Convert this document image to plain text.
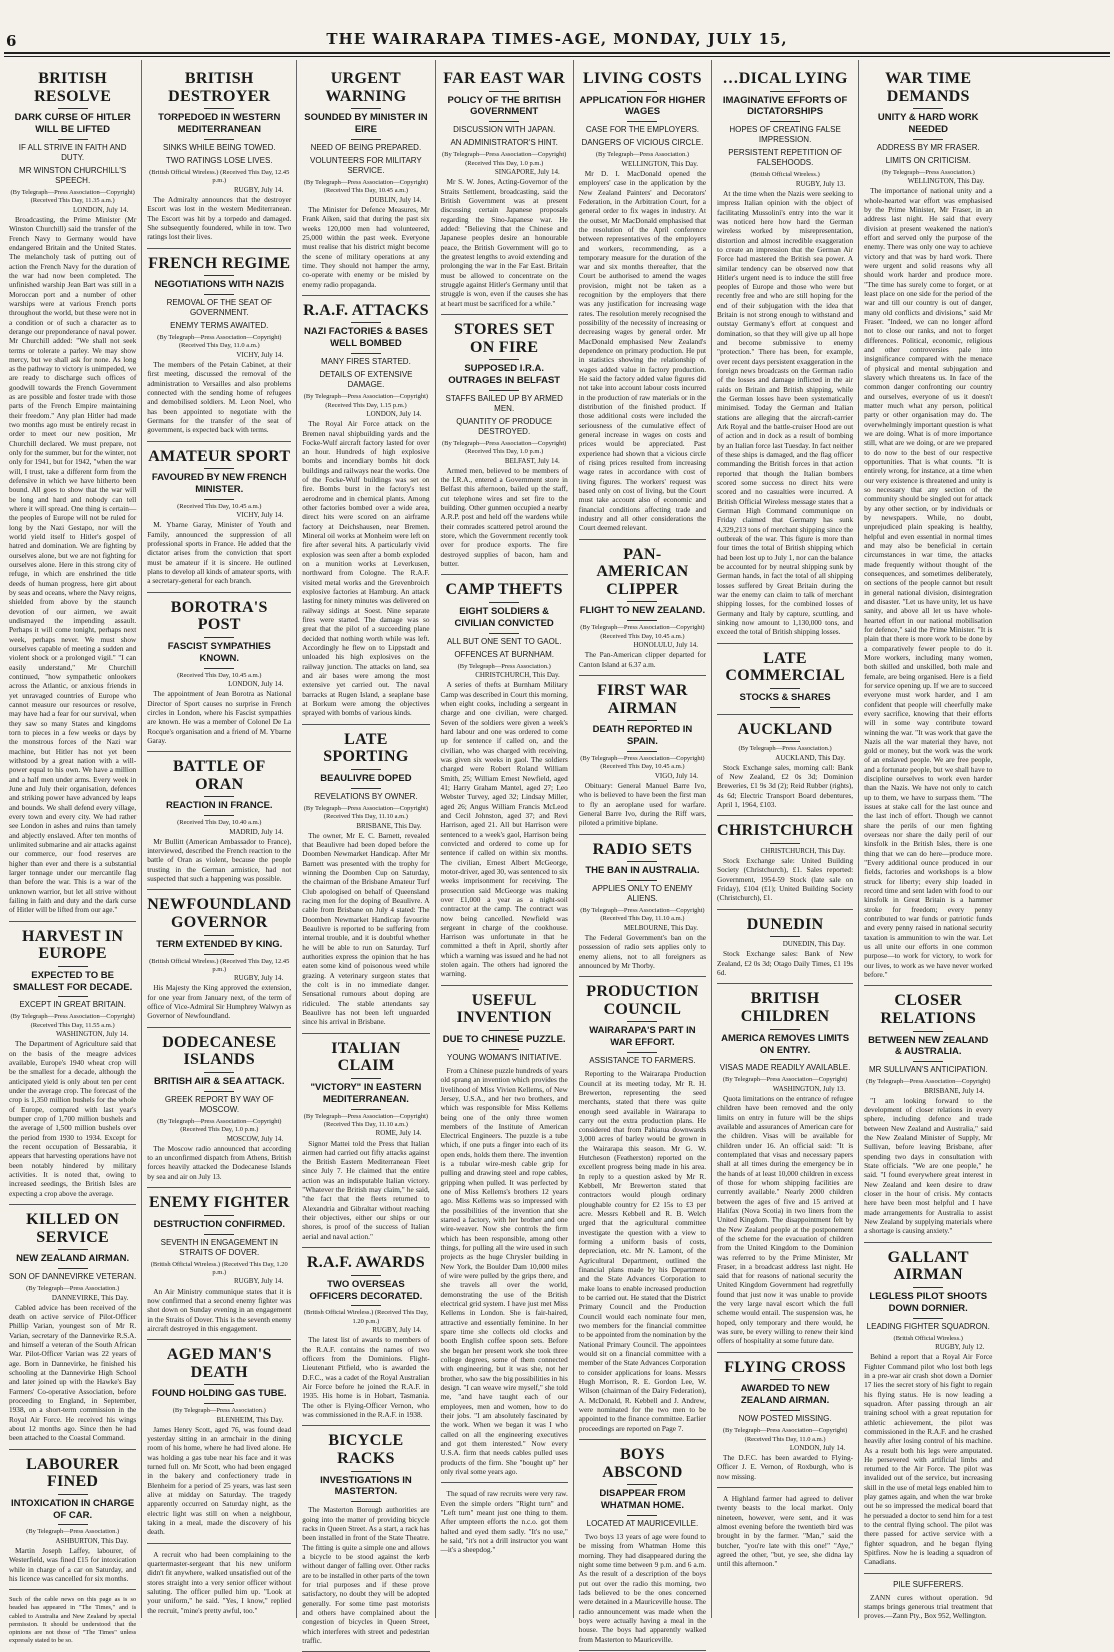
6	THE WAIRARAPA TIMES-AGE, MONDAY, JULY 15,
BRITISH RESOLVE
DARK CURSE OF HITLER WILL BE LIFTED
IF ALL STRIVE IN FAITH AND DUTY.
MR WINSTON CHURCHILL'S SPEECH.
(By Telegraph—Press Association—Copyright) (Received This Day, 11.35 a.m.)
LONDON, July 14.

Broadcasting, the Prime Minister (Mr Winston Churchill) said the transfer of the French Navy to Germany would have endangered Britain and the United States. The melancholy task of putting out of action the French Navy for the duration of the war had now been completed. The unfinished warship Jean Bart was still in a Moroccan port and a number of other warships were at various French ports throughout the world, but these were not in a condition or of such a character as to derange our preponderance of naval power. Mr Churchill added: "We shall not seek terms or tolerate a parley. We may show mercy, but we shall ask for none. As long as the pathway to victory is unimpeded, we are ready to discharge such offices of goodwill towards the French Government as are possible and foster trade with those parts of the French Empire maintaining their freedom." Any plan Hitler had made two months ago must be entirely recast in order to meet our new position, Mr Churchill declared. We must prepare, not only for the summer, but for the winter, not only for 1941, but for 1942, "when the war will, I trust, take a different form from the defensive in which we have hitherto been bound. All goes to show that the war will be long and hard and nobody can tell where it will spread. One thing is certain—the peoples of Europe will not be ruled for long by the Nazi Gestapo, nor will the world yield itself to Hitler's gospel of hatred and domination. We are fighting by ourselves alone, but we are not fighting for ourselves alone. Here in this strong city of refuge, in which are enshrined the title deeds of human progress, here girt about by seas and oceans, where the Navy reigns, shielded from above by the staunch devotion of our airmen, we await undismayed the impending assault. Perhaps it will come tonight, perhaps next week, perhaps never. We must show ourselves capable of meeting a sudden and violent shock or a prolonged vigil." "I can easily understand," Mr Churchill continued, "how sympathetic onlookers across the Atlantic, or anxious friends in yet unravaged countries of Europe who cannot measure our resources or resolve, may have had a fear for our survival, when they saw so many States and kingdoms torn to pieces in a few weeks or days by the monstrous forces of the Nazi war machine, but Hitler has not yet been withstood by a great nation with a will-power equal to his own. We have a million and a half men under arms. Every week in June and July their organisation, defences and striking power have advanced by leaps and bounds. We shall defend every village, every town and every city. We had rather see London in ashes and ruins than tamely and abjectly enslaved. After ten months of unlimited submarine and air attacks against our commerce, our food reserves are higher than ever and there is a substantial larger tonnage under our mercantile flag than before the war. This is a war of the unknown warrior, but let all strive without failing in faith and duty and the dark curse of Hitler will be lifted from our age."

HARVEST IN EUROPE
EXPECTED TO BE SMALLEST FOR DECADE.
EXCEPT IN GREAT BRITAIN.
(By Telegraph—Press Association—Copyright) (Received This Day, 11.55 a.m.)
WASHINGTON, July 14.

The Department of Agriculture said that on the basis of the meagre advices available, Europe's 1940 wheat crop will be the smallest for a decade, although the anticipated yield is only about ten per cent under the average crop. The forecast of the crop is 1,350 million bushels for the whole of Europe, compared with last year's bumper crop of 1,700 million bushels and the average of 1,500 million bushels over the period from 1930 to 1934. Except for the recent occupation of Bessarabia, it appears that harvesting operations have not been notably hindered by military activities. It is noted that, owing to increased seedings, the British Isles are expecting a crop above the average.

KILLED ON SERVICE
NEW ZEALAND AIRMAN.
SON OF DANNEVIRKE VETERAN.
(By Telegraph—Press Association.)
DANNEVIRKE, This Day.

Cabled advice has been received of the death on active service of Pilot-Officer Phillip Varian, youngest son of Mr R. Varian, secretary of the Dannevirke R.S.A. and himself a veteran of the South African War. Pilot-Officer Varian was 22 years of age. Born in Dannevirke, he finished his schooling at the Dannevirke High School and later joined up with the Hawke's Bay Farmers' Co-operative Association, before proceeding to England, in September, 1938, on a short-term commission in the Royal Air Force. He received his wings about 12 months ago. Since then he had been attached to the Coastal Command.

LABOURER FINED
INTOXICATION IN CHARGE OF CAR.
(By Telegraph—Press Association.)
ASHBURTON, This Day.

Martin Joseph Laffey, labourer, of Westerfield, was fined £15 for intoxication while in charge of a car on Saturday, and his licence was cancelled for six months.

Such of the cable news on this page as is so headed has appeared in "The Times," and is cabled to Australia and New Zealand by special permission. It should be understood that the opinions are not those of "The Times" unless expressly stated to be so.

BRITISH DESTROYER
TORPEDOED IN WESTERN MEDITERRANEAN
SINKS WHILE BEING TOWED.
TWO RATINGS LOSE LIVES.
(British Official Wireless.) (Received This Day, 12.45 p.m.)
RUGBY, July 14.

The Admiralty announces that the destroyer Escort was lost in the western Mediterranean. The Escort was hit by a torpedo and damaged. She subsequently foundered, while in tow. Two ratings lost their lives.

FRENCH REGIME
NEGOTIATIONS WITH NAZIS
REMOVAL OF THE SEAT OF GOVERNMENT.
ENEMY TERMS AWAITED.
(By Telegraph—Press Association—Copyright) (Received This Day, 11.0 a.m.)
VICHY, July 14.

The members of the Petain Cabinet, at their first meeting, discussed the removal of the administration to Versailles and also problems connected with the sending home of refugees and demobilised soldiers. M. Leon Noel, who has been appointed to negotiate with the Germans for the transfer of the seat of government, is expected back with terms.

AMATEUR SPORT
FAVOURED BY NEW FRENCH MINISTER.
(Received This Day, 10.45 a.m.)
VICHY, July 14.

M. Ybarne Garay, Minister of Youth and Family, announced the suppression of all professional sports in France. He added that the dictator arises from the conviction that sport must be amateur if it is sincere. He outlined plans to develop all kinds of amateur sports, with a secretary-general for each branch.

BOROTRA'S POST
FASCIST SYMPATHIES KNOWN.
(Received This Day, 10.45 a.m.)
LONDON, July 14.

The appointment of Jean Borotra as National Director of Sport causes no surprise in French circles in London, where his Fascist sympathies are known. He was a member of Colonel De La Rocque's organisation and a friend of M. Ybarne Garay.

BATTLE OF ORAN
REACTION IN FRANCE.
(Received This Day, 10.40 a.m.)
MADRID, July 14.

Mr Bullitt (American Ambassador to France), interviewed, described the French reaction to the battle of Oran as violent, because the people trusting in the German armistice, had not suspected that such a happening was possible.

NEWFOUNDLAND GOVERNOR
TERM EXTENDED BY KING.
(British Official Wireless.) (Received This Day, 12.45 p.m.)
RUGBY, July 14.

His Majesty the King approved the extension, for one year from January next, of the term of office of Vice-Admiral Sir Humphrey Walwyn as Governor of Newfoundland.

DODECANESE ISLANDS
BRITISH AIR & SEA ATTACK.
GREEK REPORT BY WAY OF MOSCOW.
(By Telegraph—Press Association—Copyright) (Received This Day, 1.0 p.m.)
MOSCOW, July 14.

The Moscow radio announced that according to an unconfirmed dispatch from Athens, British forces heavily attacked the Dodecanese Islands by sea and air on July 13.

ENEMY FIGHTER
DESTRUCTION CONFIRMED.
SEVENTH IN ENGAGEMENT IN STRAITS OF DOVER.
(British Official Wireless.) (Received This Day, 1.20 p.m.)
RUGBY, July 14.

An Air Ministry communique states that it is now confirmed that a second enemy fighter was shot down on Sunday evening in an engagement in the Straits of Dover. This is the seventh enemy aircraft destroyed in this engagement.

AGED MAN'S DEATH
FOUND HOLDING GAS TUBE.
(By Telegraph—Press Association.)
BLENHEIM, This Day.

James Henry Scott, aged 76, was found dead yesterday sitting in an armchair in the dining room of his home, where he had lived alone. He was holding a gas tube near his face and it was turned full on. Mr Scott, who had been engaged in the bakery and confectionery trade in Blenheim for a period of 25 years, was last seen alive at midday on Saturday. The tragedy apparently occurred on Saturday night, as the electric light was still on when a neighbour, taking in a meal, made the discovery of his death.

A recruit who had been complaining to the quartermaster-sergeant that his new uniform didn't fit anywhere, walked unsatisfied out of the stores straight into a very senior officer without saluting. The officer pulled him up. "Look at your uniform," he said. "Yes, I know," replied the recruit, "mine's pretty awful, too."

URGENT WARNING
SOUNDED BY MINISTER IN EIRE
NEED OF BEING PREPARED.
VOLUNTEERS FOR MILITARY SERVICE.
(By Telegraph—Press Association—Copyright) (Received This Day, 10.45 a.m.)
DUBLIN, July 14.

The Minister for Defence Measures, Mr Frank Aiken, said that during the past six weeks 120,000 men had volunteered, 25,000 within the past week. Everyone must realise that his district might become the scene of military operations at any time. They should not hamper the army, co-operate with enemy or be misled by enemy radio propaganda.

R.A.F. ATTACKS
NAZI FACTORIES & BASES WELL BOMBED
MANY FIRES STARTED.
DETAILS OF EXTENSIVE DAMAGE.
(By Telegraph—Press Association—Copyright) (Received This Day, 1.15 p.m.)
LONDON, July 14.

The Royal Air Force attack on the Bremen naval shipbuilding yards and the Focke-Wulf aircraft factory lasted for over an hour. Hundreds of high explosive bombs and incendiary bombs hit dock buildings and railways near the works. One of the Focke-Wulf buildings was set on fire. Bombs burst in the factory's test aerodrome and in chemical plants. Among other factories bombed over a wide area, direct hits were scored on an airframe factory at Deichshausen, near Bremen. Mineral oil works at Monheim were left on fire after several hits. A particularly vivid explosion was seen after a bomb exploded on a munition works at Leverkusen, northward from Cologne. The R.A.F. visited metal works and the Grevenbroich explosive factories at Hamburg. An attack lasting for ninety minutes was delivered on railway sidings at Soest. Nine separate fires were started. The damage was so great that the pilot of a succeeding plane decided that nothing worth while was left. Accordingly he flew on to Lippstadt and unloaded his high explosives on the railway junction. The attacks on land, sea and air bases were among the most extensive yet carried out. The naval barracks at Rugen Island, a seaplane base at Borkum were among the objectives sprayed with bombs of various kinds.

LATE SPORTING
BEAULIVRE DOPED
REVELATIONS BY OWNER.
(By Telegraph—Press Association—Copyright) (Received This Day, 11.10 a.m.)
BRISBANE, This Day.

The owner, Mr E. C. Barnett, revealed that Beaulivre had been doped before the Doomben Newmarket Handicap. After Mr Barnett was presented with the trophy for winning the Doomben Cup on Saturday, the chairman of the Brisbane Amateur Turf Club apologised on behalf of Queensland racing men for the doping of Beaulivre. A cable from Brisbane on July 4 stated: The Doomben Newmarket Handicap favourite Beaulivre is reported to be suffering from internal trouble, and it is doubtful whether he will be able to run on Saturday. Turf authorities express the opinion that he has eaten some kind of poisonous weed while grazing. A veterinary surgeon states that the colt is in no immediate danger. Sensational rumours about doping are ridiculed. The stable attendants say Beaulivre has not been left unguarded since his arrival in Brisbane.

ITALIAN CLAIM
"VICTORY" IN EASTERN MEDITERRANEAN.
(By Telegraph—Press Association—Copyright) (Received This Day, 11.10 a.m.)
ROME, July 14.

Signor Mattei told the Press that Italian airmen had carried out fifty attacks against the British Eastern Mediterranean Fleet since July 7. He claimed that the entire action was an indisputable Italian victory. "Whatever the British may claim," he said, "the fact that the fleets returned to Alexandria and Gibraltar without reaching their objectives, either our ships or our shores, is proof of the success of Italian aerial and naval action."

R.A.F. AWARDS
TWO OVERSEAS OFFICERS DECORATED.
(British Official Wireless.) (Received This Day, 1.20 p.m.)
RUGBY, July 14.

The latest list of awards to members of the R.A.F. contains the names of two officers from the Dominions. Flight-Lieutenant Pitfield, who is awarded the D.F.C., was a cadet of the Royal Australian Air Force before he joined the R.A.F. in 1935. His home is in Hobart, Tasmania. The other is Flying-Officer Vernon, who was commissioned in the R.A.F. in 1938.

BICYCLE RACKS
INVESTIGATIONS IN MASTERTON.

The Masterton Borough authorities are going into the matter of providing bicycle racks in Queen Street. As a start, a rack has been installed in front of the State Theatre. The fitting is quite a simple one and allows a bicycle to be stood against the kerb without danger of falling over. Other racks are to be installed in other parts of the town for trial purposes and if these prove satisfactory, no doubt they will be adopted generally. For some time past motorists and others have complained about the congestion of bicycles in Queen Street, which interferes with street and pedestrian traffic.

FAR EAST WAR
POLICY OF THE BRITISH GOVERNMENT
DISCUSSION WITH JAPAN.
AN ADMINISTRATOR'S HINT.
(By Telegraph—Press Association—Copyright) (Received This Day, 1.0 p.m.)
SINGAPORE, July 14.

Mr S. W. Jones, Acting-Governor of the Straits Settlement, broadcasting, said the British Government was at present discussing certain Japanese proposals regarding the Sino-Japanese war. He added: "Believing that the Chinese and Japanese peoples desire an honourable peace, the British Government will go to the greatest lengths to avoid extending and prolonging the war in the Far East. Britain must be allowed to concentrate on the struggle against Hitler's Germany until that struggle is won, even if the causes she has at heart must be sacrificed for a while."

STORES SET ON FIRE
SUPPOSED I.R.A. OUTRAGES IN BELFAST
STAFFS BAILED UP BY ARMED MEN.
QUANTITY OF PRODUCE DESTROYED.
(By Telegraph—Press Association—Copyright) (Received This Day, 1.0 p.m.)
BELFAST, July 14.

Armed men, believed to be members of the I.R.A., entered a Government store in Belfast this afternoon, bailed up the staff, cut telephone wires and set fire to the building. Other gunmen occupied a nearby A.R.P. post and held off the wardens while their comrades scattered petrol around the store, which the Government recently took over for produce exports. The fire destroyed supplies of bacon, ham and butter.

CAMP THEFTS
EIGHT SOLDIERS & CIVILIAN CONVICTED
ALL BUT ONE SENT TO GAOL.
OFFENCES AT BURNHAM.
(By Telegraph—Press Association.)
CHRISTCHURCH, This Day.

A series of thefts at Burnham Military Camp was described in Court this morning, when eight cooks, including a sergeant in charge and one civilian, were charged. Seven of the soldiers were given a week's hard labour and one was ordered to come up for sentence if called on, and the civilian, who was charged with receiving, was given six weeks in gaol. The soldiers charged were Robert Roland William Smith, 25; William Ernest Newfield, aged 41; Harry Graham Mantel, aged 27; Leo Webster Turvey, aged 32; Lindsay Miller, aged 26; Angus William Francis McLeod and Cecil Johnston, aged 37; and Revi Harrison, aged 21. All but Harrison were sentenced to a week's gaol, Harrison being convicted and ordered to come up for sentence if called on within six months. The civilian, Ernest Albert McGeorge, motor-driver, aged 30, was sentenced to six weeks imprisonment for receiving. The prosecution said McGeorge was making over £1,000 a year as a night-soil contractor at the camp. The contract was now being cancelled. Newfield was sergeant in charge of the cookhouse. Harrison was unfortunate in that he committed a theft in April, shortly after which a warning was issued and he had not stolen again. The others had ignored the warning.

USEFUL INVENTION
DUE TO CHINESE PUZZLE.
YOUNG WOMAN'S INITIATIVE.

From a Chinese puzzle hundreds of years old sprang an invention which provides the livelihood of Miss Vivien Kellems, of New Jersey, U.S.A., and her two brothers, and which was responsible for Miss Kellems being one of the only three women members of the Institute of American Electrical Engineers. The puzzle is a tube which, if one puts a finger into each of its open ends, holds them there. The invention is a tubular wire-mesh cable grip for pulling and drawing steel and rope cables, gripping when pulled. It was perfected by one of Miss Kellems's brothers 12 years ago. Miss Kellems was so impressed with the possibilities of the invention that she started a factory, with her brother and one wire-weaver. Now she controls the firm which has been responsible, among other things, for pulling all the wire used in such projects as the huge Chrysler building in New York, the Boulder Dam 10,000 miles of wire were pulled by the grips there, and she travels all over the world, demonstrating the use of the British electrical grid system. I have just met Miss Kellems in London. She is fair-haired, attractive and essentially feminine. In her spare time she collects old clocks and booth English coffee spoon sets. Before she began her present work she took three college degrees, some of them connected with engineering, but it was she, not her brother, who saw the big possibilities in his design. "I can weave wire myself," she told me, "and have taught each of our employees, men and women, how to do their jobs. "I am absolutely fascinated by the work. When we began it was I who called on all the engineering executives and got them interested." Now every U.S.A. firm that needs cables pulled uses products of the firm. She "bought up" her only rival some years ago.

The squad of raw recruits were very raw. Even the simple orders "Right turn" and "Left turn" meant just one thing to them. After umpteen efforts the n.c.o. got them halted and eyed them sadly. "It's no use," he said, "it's not a drill instructor you want—it's a sheepdog."

LIVING COSTS
APPLICATION FOR HIGHER WAGES
CASE FOR THE EMPLOYERS.
DANGERS OF VICIOUS CIRCLE.
(By Telegraph—Press Association.)
WELLINGTON, This Day.

Mr D. I. MacDonald opened the employers' case in the application by the New Zealand Painters' and Decorators' Federation, in the Arbitration Court, for a general order to fix wages in industry. At the outset, Mr MacDonald emphasised that the resolution of the April conference between representatives of the employers and workers, recommending, as a temporary measure for the duration of the war and six months thereafter, that the Court be authorised to amend the wages provision, might not be taken as a recognition by the employers that there was any justification for increasing wage rates. The resolution merely recognised the possibility of the necessity of increasing or decreasing wages by general order. Mr MacDonald emphasised New Zealand's dependence on primary production. He put in statistics showing the relationship of wages added value in factory production. He said the factory added value figures did not take into account labour costs incurred in the production of raw materials or in the distribution of the finished product. If those additional costs were included the seriousness of the cumulative effect of general increase in wages on costs and prices would be appreciated. Past experience had shown that a vicious circle of rising prices resulted from increasing wage rates in accordance with cost of living figures. The workers' request was based only on cost of living, but the Court must take account also of economic and financial conditions affecting trade and industry and all other considerations the Court deemed relevant.

PAN-AMERICAN CLIPPER
FLIGHT TO NEW ZEALAND.
(By Telegraph—Press Association—Copyright) (Received This Day, 10.45 a.m.)
HONOLULU, July 14.

The Pan-American clipper departed for Canton Island at 6.37 a.m.

FIRST WAR AIRMAN
DEATH REPORTED IN SPAIN.
(By Telegraph—Press Association—Copyright) (Received This Day, 10.45 a.m.)
VIGO, July 14.

Obituary: General Manuel Barre Ivo, who is believed to have been the first man to fly an aeroplane used for warfare. General Barre Ivo, during the Riff wars, piloted a primitive biplane.

RADIO SETS
THE BAN IN AUSTRALIA.
APPLIES ONLY TO ENEMY ALIENS.
(By Telegraph—Press Association—Copyright) (Received This Day, 11.10 a.m.)
MELBOURNE, This Day.

The Federal Government's ban on the possession of radio sets applies only to enemy aliens, not to all foreigners as announced by Mr Thorby.

PRODUCTION COUNCIL
WAIRARAPA'S PART IN WAR EFFORT.
ASSISTANCE TO FARMERS.

Reporting to the Wairarapa Production Council at its meeting today, Mr R. H. Brewerton, representing the seed merchants, stated that there was quite enough seed available in Wairarapa to carry out the extra production plans. He considered that from Pahiatua downwards 3,000 acres of barley would be grown in the Wairarapa this season. Mr G. W. Hutcheson (Featherston) reported on the excellent progress being made in his area. In reply to a question asked by Mr R. Kebbell, Mr Brewerton stated that contractors would plough ordinary ploughable country for £2 15s to £3 per acre. Messrs Kebbell and R. B. Welch urged that the agricultural committee investigate the question with a view to forming a uniform basis of costs, depreciation, etc. Mr N. Lamont, of the Agricultural Department, outlined the financial plans made by his Department and the State Advances Corporation to make loans to enable increased production to be carried out. He stated that the District Primary Council and the Production Council would each nominate four men, two members for the financial committee to be appointed from the nomination by the National Primary Council. The appointees would sit on a financial committee with a member of the State Advances Corporation to consider applications for loans. Messrs Hugh Morrison, R. E. Gordon Lee, W. Wilson (chairman of the Dairy Federation), A. McDonald, R. Kebbell and J. Andrew, were nominated for the two men to be appointed to the finance committee. Earlier proceedings are reported on Page 7.

BOYS ABSCOND
DISAPPEAR FROM WHATMAN HOME.
LOCATED AT MAURICEVILLE.

Two boys 13 years of age were found to be missing from Whatman Home this morning. They had disappeared during the night some time between 9 p.m. and 6 a.m. As the result of a description of the boys put out over the radio this morning, two lads believed to be the ones concerned were detained in a Mauriceville house. The radio announcement was made when the boys were actually having a meal in the house. The boys had apparently walked from Masterton to Mauriceville.

…DICAL LYING
IMAGINATIVE EFFORTS OF DICTATORSHIPS
HOPES OF CREATING FALSE IMPRESSION.
PERSISTENT REPETITION OF FALSEHOODS.
(British Official Wireless.)
RUGBY, July 13.

At the time when the Nazis were seeking to impress Italian opinion with the object of facilitating Mussolini's entry into the war it was noticed here how hard the German wireless worked by misrepresentation, distortion and almost incredible exaggeration to create an impression that the German Air Force had mastered the British sea power. A similar tendency can be observed now that Hitler's urgent need is to induce the still free peoples of Europe and those who were but recently free and who are still hoping for the end of their subjugation with the idea that Britain is not strong enough to withstand and outstay Germany's effort at conquest and domination, so that they will give up all hope and become submissive to enemy "protection." There has been, for example, over recent days persistent exaggeration in the foreign news broadcasts on the German radio of the losses and damage inflicted in the air raids on Britain and British shipping, while the German losses have been systematically minimised. Today the German and Italian stations are alleging that the aircraft-carrier Ark Royal and the battle-cruiser Hood are out of action and in dock as a result of bombing by an Italian force last Tuesday. In fact neither of these ships is damaged, and the flag officer commanding the British forces in that action reported that though the Italian bombers scored some success no direct hits were scored and no casualties were incurred. A British Official Wireless message states that a German High Command communique on Friday claimed that Germany has sunk 4,329,213 tons of merchant shipping since the outbreak of the war. This figure is more than four times the total of British shipping which had been lost up to July 1, nor can the balance be accounted for by neutral shipping sunk by German hands, in fact the total of all shipping losses suffered by Great Britain during the war the enemy can claim to talk of merchant shipping losses, for the combined losses of Germany and Italy by capture, scuttling, and sinking now amount to 1,130,000 tons, and exceed the total of British shipping losses.

LATE COMMERCIAL
STOCKS & SHARES
AUCKLAND
(By Telegraph—Press Association.)
AUCKLAND, This Day.

Stock Exchange sales, morning call: Bank of New Zealand, £2 0s 3d; Dominion Breweries, £1 9s 3d (2); Reid Rubber (rights), 4s 6d; Electric Transport Board debentures, April 1, 1964, £103.

CHRISTCHURCH
CHRISTCHURCH, This Day.

Stock Exchange sale: United Building Society (Christchurch), £1. Sales reported: Government, 1954-59 Stock (late sale on Friday), £104 (£1); United Building Society (Christchurch), £1.

DUNEDIN
DUNEDIN, This Day.

Stock Exchange sales: Bank of New Zealand, £2 0s 3d; Otago Daily Times, £1 19s 6d.

BRITISH CHILDREN
AMERICA REMOVES LIMITS ON ENTRY.
VISAS MADE READILY AVAILABLE.
(By Telegraph—Press Association—Copyright)
WASHINGTON, July 13.

Quota limitations on the entrance of refugee children have been removed and the only limits on entry in future will be the ships available and assurances of American care for the children. Visas will be available for children under 16. An official said: "It is contemplated that visas and necessary papers shall at all times during the emergency be in the hands of at least 10,000 children in excess of those for whom shipping facilities are currently available." Nearly 2000 children between the ages of five and 15 arrived at Halifax (Nova Scotia) in two liners from the United Kingdom. The disappointment felt by the New Zealand people at the postponement of the scheme for the evacuation of children from the United Kingdom to the Dominion was referred to by the Prime Minister, Mr Fraser, in a broadcast address last night. He said that for reasons of national security the United Kingdom Government had regretfully found that just now it was unable to provide the very large naval escort which the full scheme would entail. The suspension was, he hoped, only temporary and there would, he was sure, be every willing to renew their kind offers of hospitality at some future date.

FLYING CROSS
AWARDED TO NEW ZEALAND AIRMAN.
NOW POSTED MISSING.
(By Telegraph—Press Association—Copyright) (Received This Day, 11.0 a.m.)
LONDON, July 14.

The D.F.C. has been awarded to Flying-Officer J. E. Vernon, of Roxburgh, who is now missing.

A Highland farmer had agreed to deliver twenty beasts to the local market. Only nineteen, however, were sent, and it was almost evening before the twentieth bird was brought in by the farmer. "Man," said the butcher, "you're late with this one!" "Aye," agreed the other, "but, ye see, she didna lay until this afternoon."

WAR TIME DEMANDS
UNITY & HARD WORK NEEDED
ADDRESS BY MR FRASER.
LIMITS ON CRITICISM.
(By Telegraph—Press Association.)
WELLINGTON, This Day.

The importance of national unity and a whole-hearted war effort was emphasised by the Prime Minister, Mr Fraser, in an address last night. He said that every division at present weakened the nation's effort and served only the purpose of the enemy. There was only one way to achieve victory and that was by hard work. There were urgent and solid reasons why all should work harder and produce more. "The time has surely come to forget, or at least place on one side for the period of the war and till our country is out of danger, many old conflicts and divisions," said Mr Fraser. "Indeed, we can no longer afford not to close our ranks, and not to forget differences. Political, economic, religious and other controversies pale into insignificance compared with the menace of physical and mental subjugation and slavery which threatens us. In face of the common danger confronting our country and ourselves, everyone of us it doesn't matter much what any person, political party or other organisation may do. The overwhelmingly important question is what we are doing. What is of more importance still, what are we doing, or are we prepared to do now to the best of our respective opportunities. That is what counts. "It is entirely wrong, for instance, at a time when our very existence is threatened and unity is so necessary that any section of the community should be singled out for attack by any other section, or by individuals or by newspapers. While, no doubt, unprejudiced plain speaking is healthy, helpful and even essential in normal times and may also be beneficial in certain circumstances in war time, the attacks made frequently without thought of the consequences, and sometimes deliberately, on sections of the people cannot but result in general national division, disintegration and disaster. "Let us have unity, let us have sanity, and above all let us have whole-hearted effort in our national mobilisation for defence," said the Prime Minister. "It is plain that there is more work to be done by a comparatively fewer people to do it. More workers, including many women, both skilled and unskilled, both male and female, are being organised. Here is a field for service opening up. If we are to succeed everyone must work harder, and I am confident that people will cheerfully make every sacrifice, knowing that their efforts will in some way contribute toward winning the war. "It was work that gave the Nazis all the war material they have, not gold or money, but the work was the work of an enslaved people. We are free people, and a fortunate people, but we shall have to discipline ourselves to work even harder than the Nazis. We have not only to catch up to them, we have to surpass them. "The issues at stake call for the last ounce and the last inch of effort. Though we cannot share the perils of our men fighting overseas nor share the daily peril of our kinsfolk in the British Isles, there is one thing that we can do here—produce more. "Every additional ounce produced in our fields, factories and workshops is a blow struck for liberty; every ship loaded in record time and sent laden with food to our kinsfolk in Great Britain is a hammer stroke for freedom; every penny contributed to war funds or patriotic funds and every penny raised in national security taxation is ammunition to win the war. Let us all unite our efforts in one common purpose—to work for victory, to work for our lives, to work as we have never worked before."

CLOSER RELATIONS
BETWEEN NEW ZEALAND & AUSTRALIA.
MR SULLIVAN'S ANTICIPATION.
(By Telegraph—Press Association—Copyright)
BRISBANE, July 14.

"I am looking forward to the development of closer relations in every sphere, including defence and trade between New Zealand and Australia," said the New Zealand Minister of Supply, Mr Sullivan, before leaving Brisbane, after spending two days in consultation with State officials. "We are one people," he said. "I found everywhere great interest in New Zealand and keen desire to draw closer in the hour of crisis. My contacts here have been most helpful and I have made arrangements for Australia to assist New Zealand by supplying materials where a shortage is causing anxiety."

GALLANT AIRMAN
LEGLESS PILOT SHOOTS DOWN DORNIER.
LEADING FIGHTER SQUADRON.
(British Official Wireless.)
RUGBY, July 12.

Behind a report that a Royal Air Force Fighter Command pilot who lost both legs in a pre-war air crash shot down a Dornier 17 lies the secret story of his fight to regain his flying status. He is now leading a squadron. After passing through an air training school with a great reputation for athletic achievement, the pilot was commissioned in the R.A.F. and he crashed heavily after losing control of his machine. As a result both his legs were amputated. He persevered with artificial limbs and returned to the Air Force. The pilot was invalided out of the service, but increasing skill in the use of metal legs enabled him to play games again, and when the war broke out he so impressed the medical board that he persuaded a doctor to send him for a test to the central flying school. The pilot was there passed for active service with a fighter squadron, and he began flying Spitfires. Now he is leading a squadron of Canadians.

PILE SUFFERERS.

ZANN cures without operation. 9d stamps brings generous trial treatment that proves.—Zann Pty., Box 952, Wellington.
